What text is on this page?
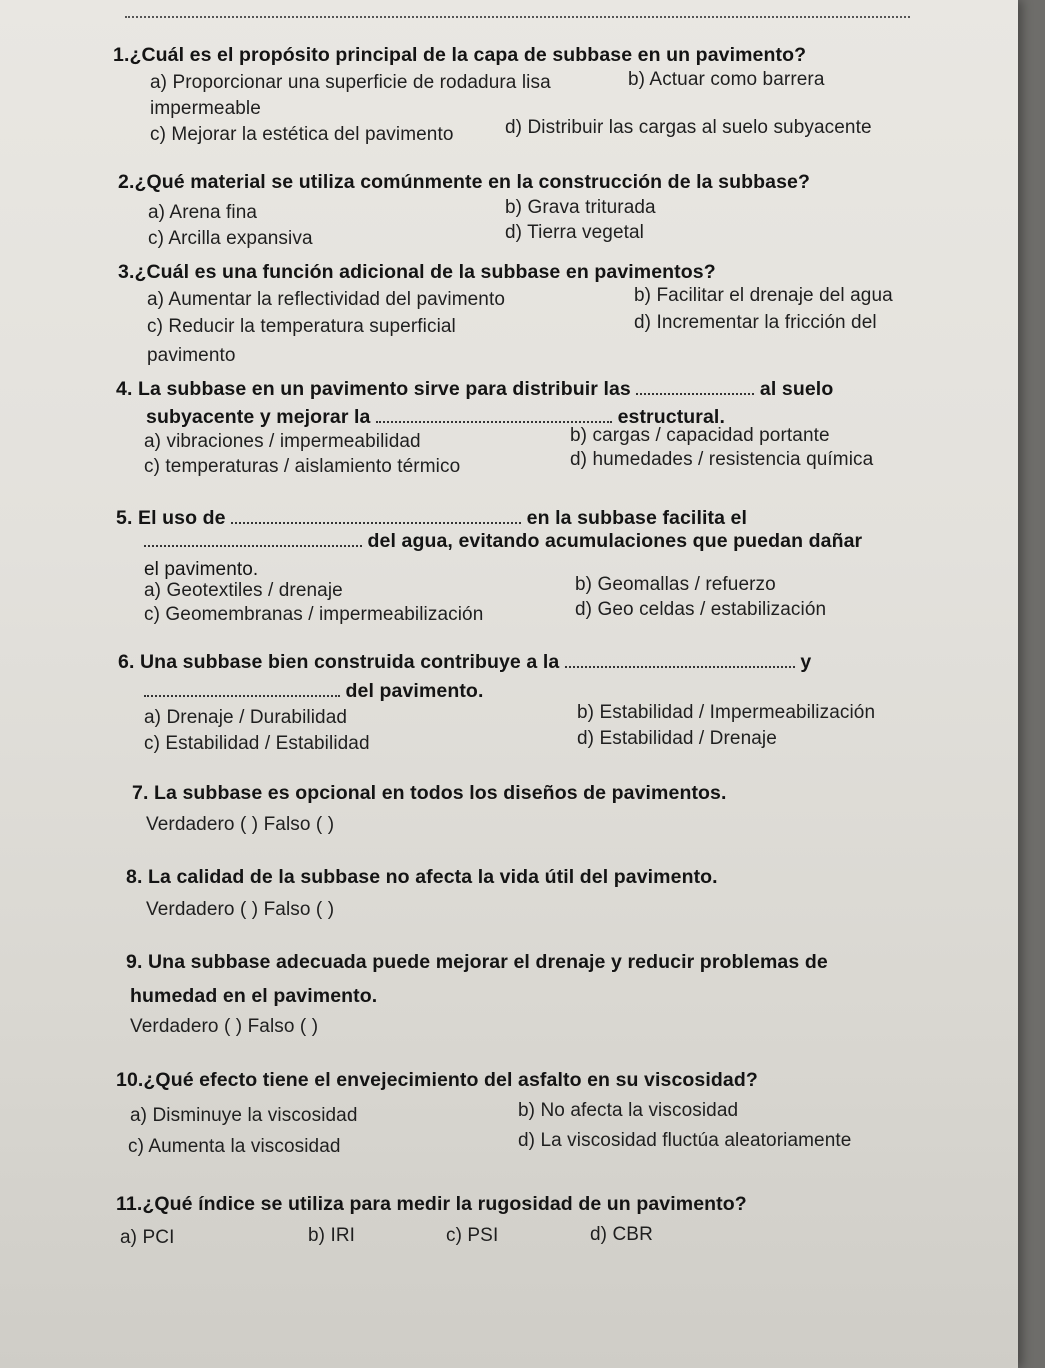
1.¿Cuál es el propósito principal de la capa de subbase en un pavimento?
a) Proporcionar una superficie de rodadura lisa	b) Actuar como barrera
impermeable
c) Mejorar la estética del pavimento	d) Distribuir las cargas al suelo subyacente
2.¿Qué material se utiliza comúnmente en la construcción de la subbase?
a) Arena fina	b) Grava triturada
c) Arcilla expansiva	d) Tierra vegetal
3.¿Cuál es una función adicional de la subbase en pavimentos?
a) Aumentar la reflectividad del pavimento	b) Facilitar el drenaje del agua
c) Reducir la temperatura superficial	d) Incrementar la fricción del
pavimento
4. La subbase en un pavimento sirve para distribuir las	al suelo
subyacente y mejorar la	estructural.
a) vibraciones / impermeabilidad	b) cargas / capacidad portante
c) temperaturas / aislamiento térmico	d) humedades / resistencia química
5. El uso de	en la subbase facilita el
del agua, evitando acumulaciones que puedan dañar
el pavimento.
a) Geotextiles / drenaje	b) Geomallas / refuerzo
c) Geomembranas / impermeabilización	d) Geo celdas / estabilización
6. Una subbase bien construida contribuye a la	y
del pavimento.
a) Drenaje / Durabilidad	b) Estabilidad / Impermeabilización
c) Estabilidad / Estabilidad	d) Estabilidad / Drenaje
7. La subbase es opcional en todos los diseños de pavimentos.
Verdadero ( ) Falso ( )
8. La calidad de la subbase no afecta la vida útil del pavimento.
Verdadero ( ) Falso ( )
9. Una subbase adecuada puede mejorar el drenaje y reducir problemas de
humedad en el pavimento.
Verdadero ( ) Falso ( )
10.¿Qué efecto tiene el envejecimiento del asfalto en su viscosidad?
a) Disminuye la viscosidad	b) No afecta la viscosidad
c) Aumenta la viscosidad	d) La viscosidad fluctúa aleatoriamente
11.¿Qué índice se utiliza para medir la rugosidad de un pavimento?
a) PCI	b) IRI	c) PSI	d) CBR
